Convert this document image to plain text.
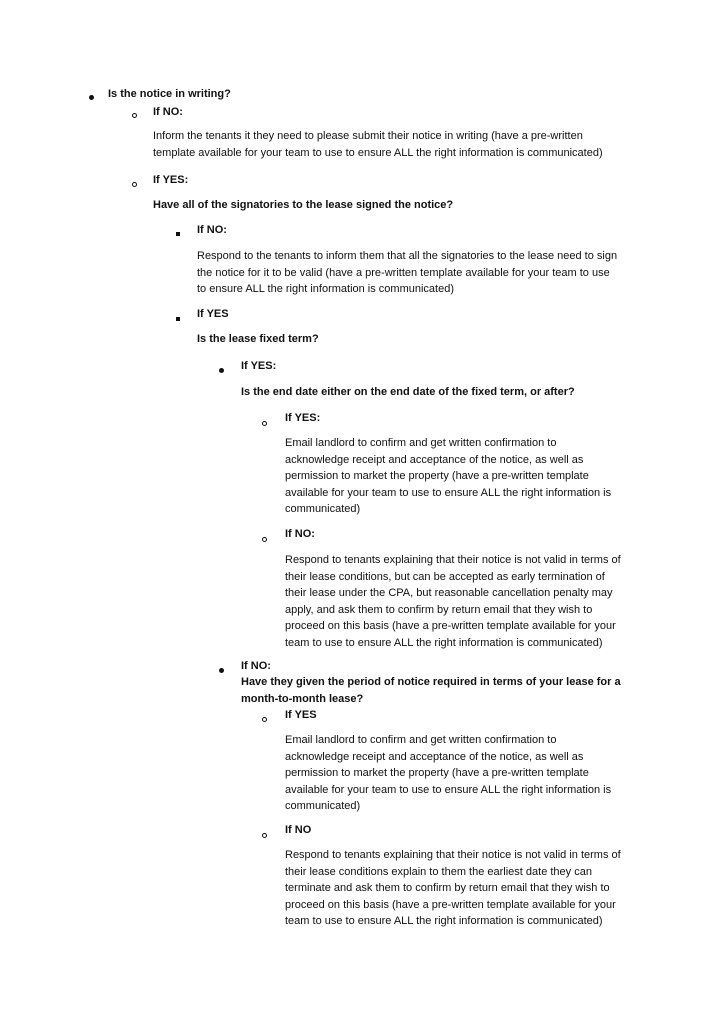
Is the notice in writing?

If NO:

Inform the tenants it they need to please submit their notice in writing (have a pre-written
template available for your team to use to ensure ALL the right information is communicated)

If YES:

Have all of the signatories to the lease signed the notice?

If NO:

Respond to the tenants to inform them that all the signatories to the lease need to sign
the notice for it to be valid (have a pre-written template available for your team to use
to ensure ALL the right information is communicated)

If YES

Is the lease fixed term?

If YES:

Is the end date either on the end date of the fixed term, or after?

If YES:

Email landlord to confirm and get written confirmation to
acknowledge receipt and acceptance of the notice, as well as
permission to market the property (have a pre-written template
available for your team to use to ensure ALL the right information is
communicated)

If NO:

Respond to tenants explaining that their notice is not valid in terms of
their lease conditions, but can be accepted as early termination of
their lease under the CPA, but reasonable cancellation penalty may
apply, and ask them to confirm by return email that they wish to
proceed on this basis (have a pre-written template available for your
team to use to ensure ALL the right information is communicated)

If NO:

Have they given the period of notice required in terms of your lease for a
month-to-month lease?

If YES

Email landlord to confirm and get written confirmation to
acknowledge receipt and acceptance of the notice, as well as
permission to market the property (have a pre-written template
available for your team to use to ensure ALL the right information is
communicated)

If NO

Respond to tenants explaining that their notice is not valid in terms of
their lease conditions explain to them the earliest date they can
terminate and ask them to confirm by return email that they wish to
proceed on this basis (have a pre-written template available for your
team to use to ensure ALL the right information is communicated)
